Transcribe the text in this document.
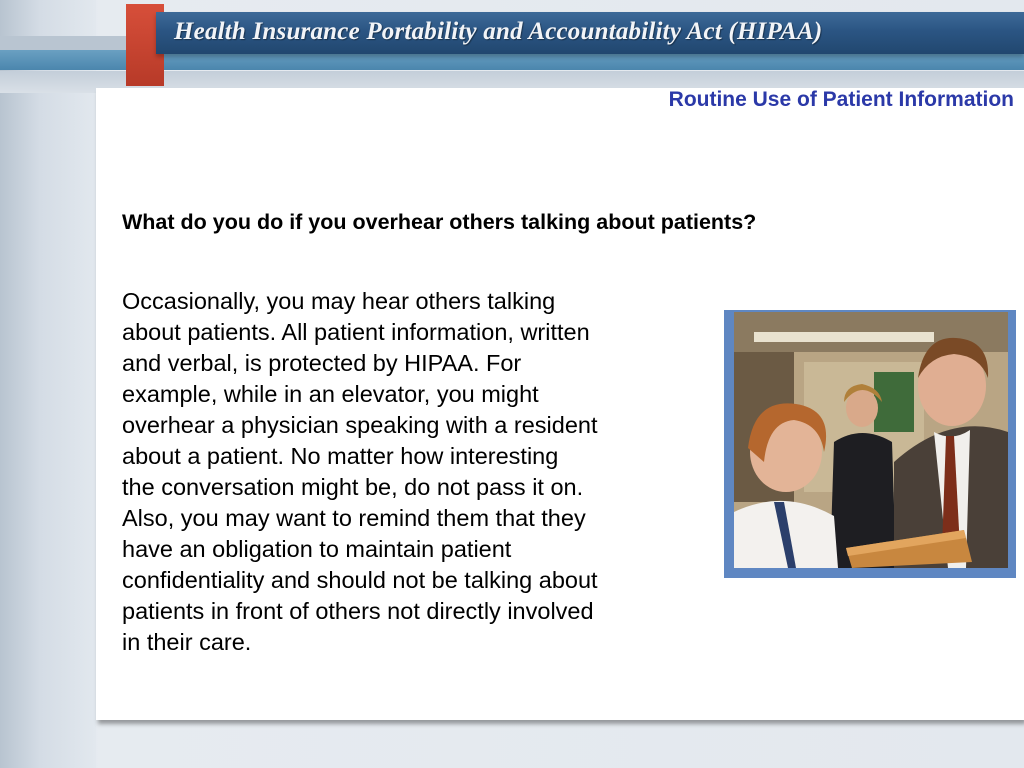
Health Insurance Portability and Accountability Act (HIPAA)
Routine Use of Patient Information
What do you do if you overhear others talking about patients?
Occasionally, you may hear others talking
about patients. All patient information, written
and verbal, is protected by HIPAA. For
example, while in an elevator, you might
overhear a physician speaking with a resident
about a patient. No matter how interesting
the conversation might be, do not pass it on.
Also, you may want to remind them that they
have an obligation to maintain patient
confidentiality and should not be talking about
patients in front of others not directly involved
in their care.
